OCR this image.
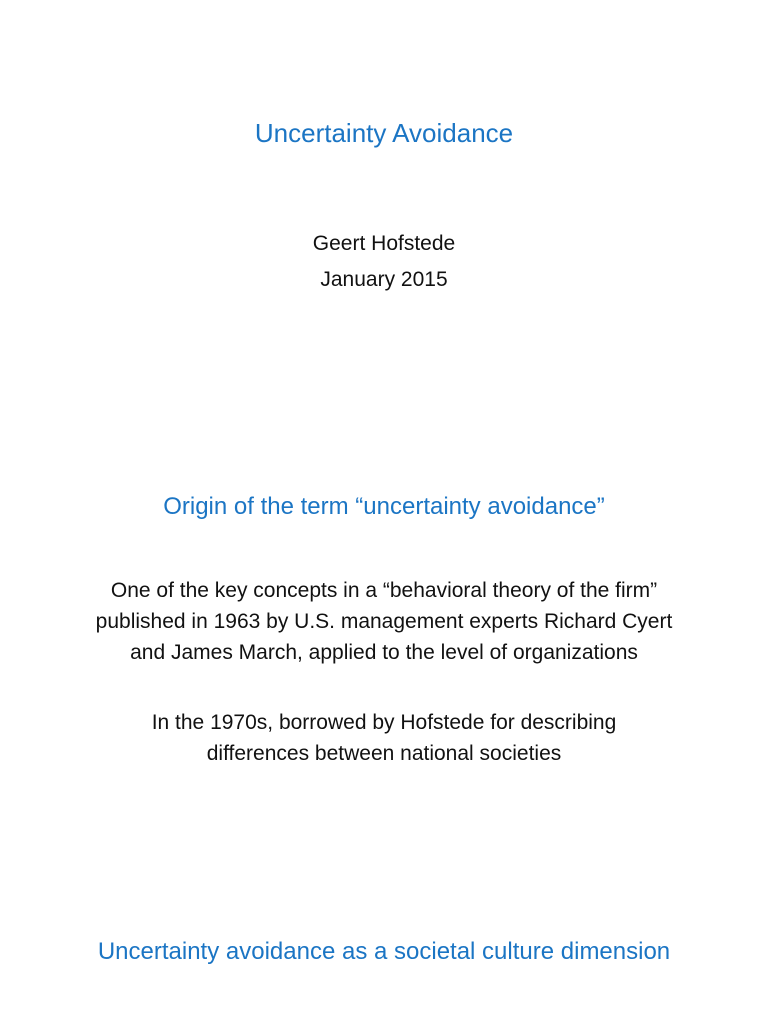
Uncertainty Avoidance
Geert Hofstede
January 2015
Origin of the term “uncertainty avoidance”
One of the key concepts in a “behavioral theory of the firm”
published in 1963 by U.S. management experts Richard Cyert
and James March, applied to the level of organizations
In the 1970s, borrowed by Hofstede for describing
differences between national societies
Uncertainty avoidance as a societal culture dimension
